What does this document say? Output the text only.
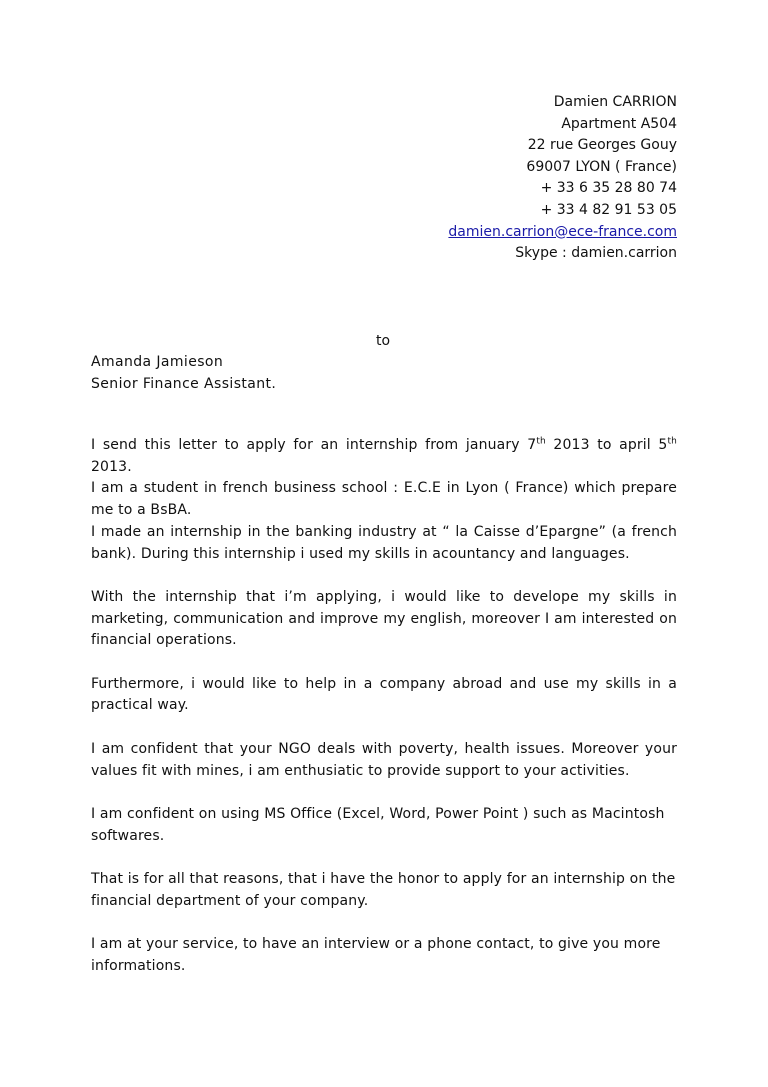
Damien CARRION
Apartment A504
22 rue Georges Gouy
69007 LYON ( France)
+ 33 6 35 28 80 74
+ 33 4 82 91 53 05
damien.carrion@ece-france.com
Skype : damien.carrion
to
Amanda Jamieson
Senior Finance Assistant.

I send this letter to apply for an internship from january 7th 2013 to april 5th 2013.

I am a student in french business school : E.C.E in Lyon ( France) which prepare me to a BsBA.

I made an internship in the banking industry at “ la Caisse d’Epargne” (a french bank). During this internship i used my skills in acountancy and languages.

With the internship that i’m applying, i would like to develope my skills in marketing, communication and improve my english, moreover I am interested on financial operations.

Furthermore, i would like to help in a company abroad and use my skills in a practical way.

I am confident that your NGO deals with poverty, health issues. Moreover your values fit with mines, i am enthusiatic to provide support to your activities.

I am confident on using MS Office (Excel, Word, Power Point ) such as Macintosh softwares.

That is for all that reasons, that i have the honor to apply for an internship on the financial department of your company.

I am at your service, to have an interview or a phone contact, to give you more informations.
